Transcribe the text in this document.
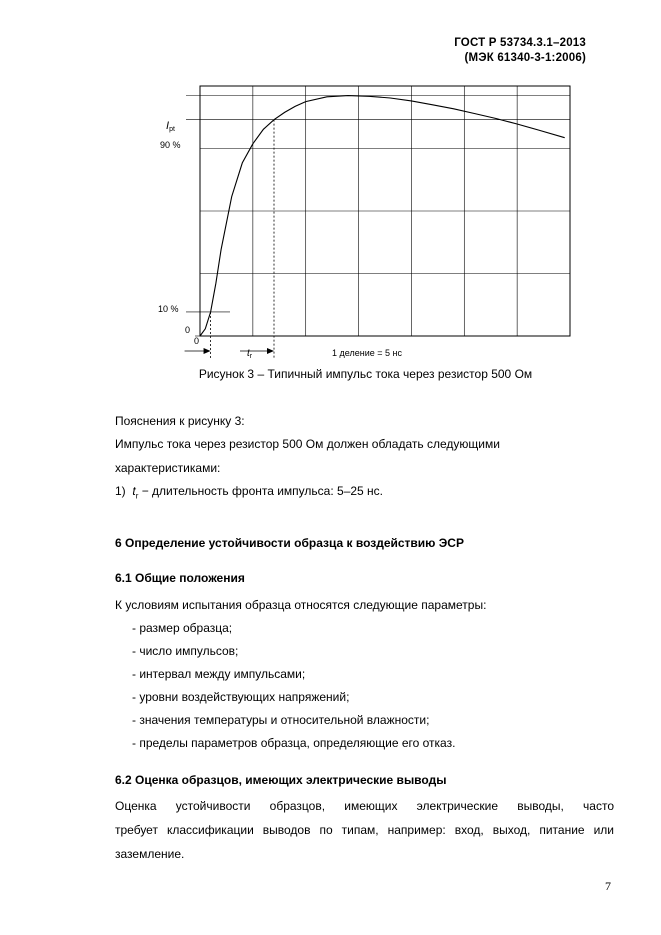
ГОСТ Р 53734.3.1–2013
(МЭК 61340-3-1:2006)
Ipt
90 %
10 %
0
0
$t_r$	1 деление = 5 нс
Рисунок 3 – Типичный импульс тока через резистор 500 Ом
Пояснения к рисунку 3:
Импульс тока через резистор 500 Ом должен обладать следующими
характеристиками:
1) $t_r$ − длительность фронта импульса: 5–25 нс.
6 Определение устойчивости образца к воздействию ЭСР
6.1 Общие положения
К условиям испытания образца относятся следующие параметры:
- размер образца;
- число импульсов;
- интервал между импульсами;
- уровни воздействующих напряжений;
- значения температуры и относительной влажности;
- пределы параметров образца, определяющие его отказ.
6.2 Оценка образцов, имеющих электрические выводы
Оценка устойчивости образцов, имеющих электрические выводы, часто
требует классификации выводов по типам, например: вход, выход, питание или
заземление.
7
